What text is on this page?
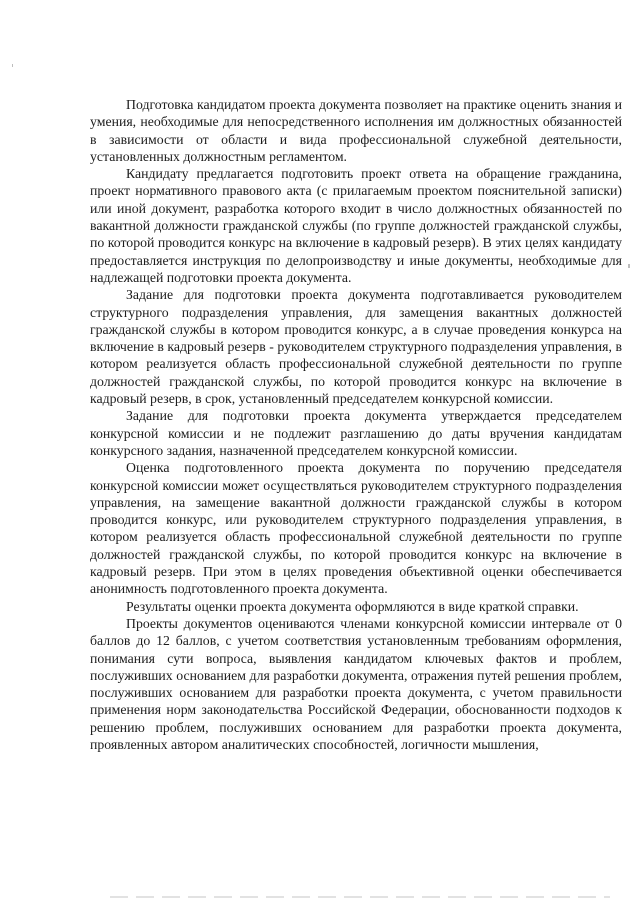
Подготовка кандидатом проекта документа позволяет на практике оценить знания и умения, необходимые для непосредственного исполнения им должностных обязанностей в зависимости от области и вида профессиональной служебной деятельности, установленных должностным регламентом.

Кандидату предлагается подготовить проект ответа на обращение гражданина, проект нормативного правового акта (с прилагаемым проектом пояснительной записки) или иной документ, разработка которого входит в число должностных обязанностей по вакантной должности гражданской службы (по группе должностей гражданской службы, по которой проводится конкурс на включение в кадровый резерв). В этих целях кандидату предоставляется инструкция по делопроизводству и иные документы, необходимые для надлежащей подготовки проекта документа.

Задание для подготовки проекта документа подготавливается руководителем структурного подразделения управления, для замещения вакантных должностей гражданской службы в котором проводится конкурс, а в случае проведения конкурса на включение в кадровый резерв - руководителем структурного подразделения управления, в котором реализуется область профессиональной служебной деятельности по группе должностей гражданской службы, по которой проводится конкурс на включение в кадровый резерв, в срок, установленный председателем конкурсной комиссии.

Задание для подготовки проекта документа утверждается председателем конкурсной комиссии и не подлежит разглашению до даты вручения кандидатам конкурсного задания, назначенной председателем конкурсной комиссии.

Оценка подготовленного проекта документа по поручению председателя конкурсной комиссии может осуществляться руководителем структурного подразделения управления, на замещение вакантной должности гражданской службы в котором проводится конкурс, или руководителем структурного подразделения управления, в котором реализуется область профессиональной служебной деятельности по группе должностей гражданской службы, по которой проводится конкурс на включение в кадровый резерв. При этом в целях проведения объективной оценки обеспечивается анонимность подготовленного проекта документа.

Результаты оценки проекта документа оформляются в виде краткой справки.

Проекты документов оцениваются членами конкурсной комиссии интервале от 0 баллов до 12 баллов, с учетом соответствия установленным требованиям оформления, понимания сути вопроса, выявления кандидатом ключевых фактов и проблем, послуживших основанием для разработки документа, отражения путей решения проблем, послуживших основанием для разработки проекта документа, с учетом правильности применения норм законодательства Российской Федерации, обоснованности подходов к решению проблем, послуживших основанием для разработки проекта документа, проявленных автором аналитических способностей, логичности мышления,
